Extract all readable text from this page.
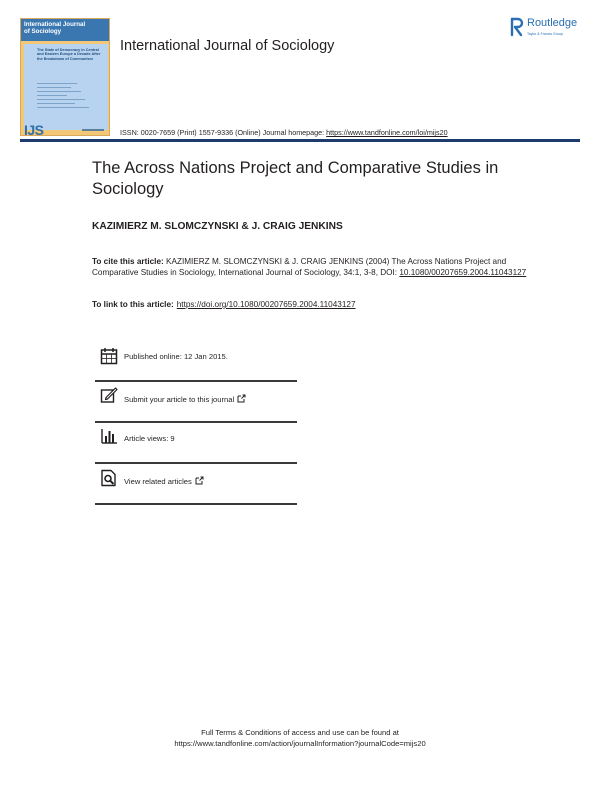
International Journal
of Sociology
The State of Democracy in Central and Eastern Europe a Decade After the Breakdown of Communism
IJS
International Journal of Sociology
Routledge
Taylor & Francis Group
ISSN: 0020-7659 (Print) 1557-9336 (Online) Journal homepage: https://www.tandfonline.com/loi/mijs20
The Across Nations Project and Comparative Studies in Sociology
KAZIMIERZ M. SLOMCZYNSKI & J. CRAIG JENKINS
To cite this article: KAZIMIERZ M. SLOMCZYNSKI & J. CRAIG JENKINS (2004) The Across Nations Project and Comparative Studies in Sociology, International Journal of Sociology, 34:1, 3-8, DOI: 10.1080/00207659.2004.11043127
To link to this article: https://doi.org/10.1080/00207659.2004.11043127
Published online: 12 Jan 2015.
Submit your article to this journal
Article views: 9
View related articles
Full Terms & Conditions of access and use can be found at
https://www.tandfonline.com/action/journalInformation?journalCode=mijs20
